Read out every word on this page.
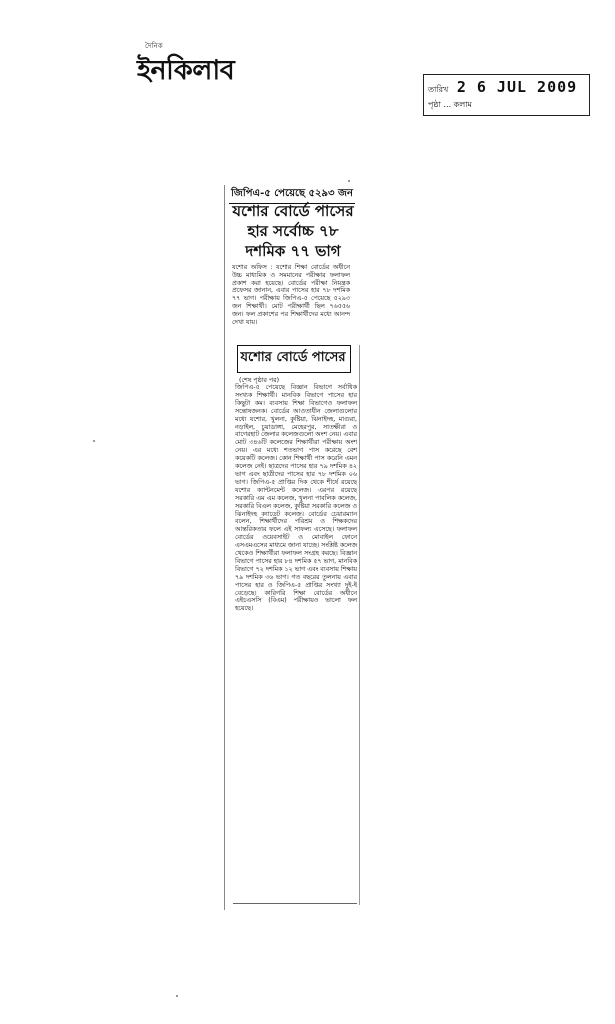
দৈনিক
ইনকিলাব
তারিখ 2 6 JUL 2009
পৃষ্ঠা ... কলাম
জিপিএ-৫ পেয়েছে ৫২৯৩ জন
যশোর বোর্ডে পাসের হার সর্বোচ্চ ৭৮ দশমিক ৭৭ ভাগ
যশোর অফিস : যশোর শিক্ষা বোর্ডের অধীনে উচ্চ মাধ্যমিক ও সমমানের পরীক্ষার ফলাফল প্রকাশ করা হয়েছে। বোর্ডের পরীক্ষা নিয়ন্ত্রক প্রফেসর জানান, এবার পাসের হার ৭৮ দশমিক ৭৭ ভাগ। পরীক্ষায় জিপিএ-৫ পেয়েছে ৫২৯৩ জন শিক্ষার্থী। মোট পরীক্ষার্থী ছিল ৭৬৫৫৬ জন। ফল প্রকাশের পর শিক্ষার্থীদের মধ্যে আনন্দ দেখা যায়।
যশোর বোর্ডে পাসের
(শেষ পৃষ্ঠার পর)
জিপিএ-৫ পেয়েছে বিজ্ঞান বিভাগে সর্বাধিক সংখ্যক শিক্ষার্থী। মানবিক বিভাগে পাসের হার কিছুটা কম। ব্যবসায় শিক্ষা বিভাগেও ফলাফল সন্তোষজনক। বোর্ডের আওতাধীন জেলাগুলোর মধ্যে যশোর, খুলনা, কুষ্টিয়া, ঝিনাইদহ, মাগুরা, নড়াইল, চুয়াডাঙ্গা, মেহেরপুর, সাতক্ষীরা ও বাগেরহাট জেলার কলেজগুলো অংশ নেয়। এবার মোট ৩৪৬টি কলেজের শিক্ষার্থীরা পরীক্ষায় অংশ নেয়। এর মধ্যে শতভাগ পাস করেছে বেশ কয়েকটি কলেজ। কোন শিক্ষার্থী পাস করেনি এমন কলেজ নেই। ছাত্রদের পাসের হার ৭৯ দশমিক ৪২ ভাগ এবং ছাত্রীদের পাসের হার ৭৮ দশমিক ০৬ ভাগ। জিপিএ-৫ প্রাপ্তির দিক থেকে শীর্ষে রয়েছে যশোর ক্যান্টনমেন্ট কলেজ। এরপর রয়েছে সরকারি এম এম কলেজ, খুলনা পাবলিক কলেজ, সরকারি বিএল কলেজ, কুষ্টিয়া সরকারি কলেজ ও ঝিনাইদহ ক্যাডেট কলেজ। বোর্ডের চেয়ারম্যান বলেন, শিক্ষার্থীদের পরিশ্রম ও শিক্ষকদের আন্তরিকতার ফলে এই সাফল্য এসেছে। ফলাফল বোর্ডের ওয়েবসাইট ও মোবাইল ফোনে এসএমএসের মাধ্যমে জানা যাচ্ছে। সংশ্লিষ্ট কলেজ থেকেও শিক্ষার্থীরা ফলাফল সংগ্রহ করছে। বিজ্ঞান বিভাগে পাসের হার ৮৪ দশমিক ৫৭ ভাগ, মানবিক বিভাগে ৭২ দশমিক ১২ ভাগ এবং ব্যবসায় শিক্ষায় ৭৯ দশমিক ৩৬ ভাগ। গত বছরের তুলনায় এবার পাসের হার ও জিপিএ-৫ প্রাপ্তির সংখ্যা দুই-ই বেড়েছে। কারিগরি শিক্ষা বোর্ডের অধীনে এইচএসসি (বিএম) পরীক্ষায়ও ভালো ফল হয়েছে।
